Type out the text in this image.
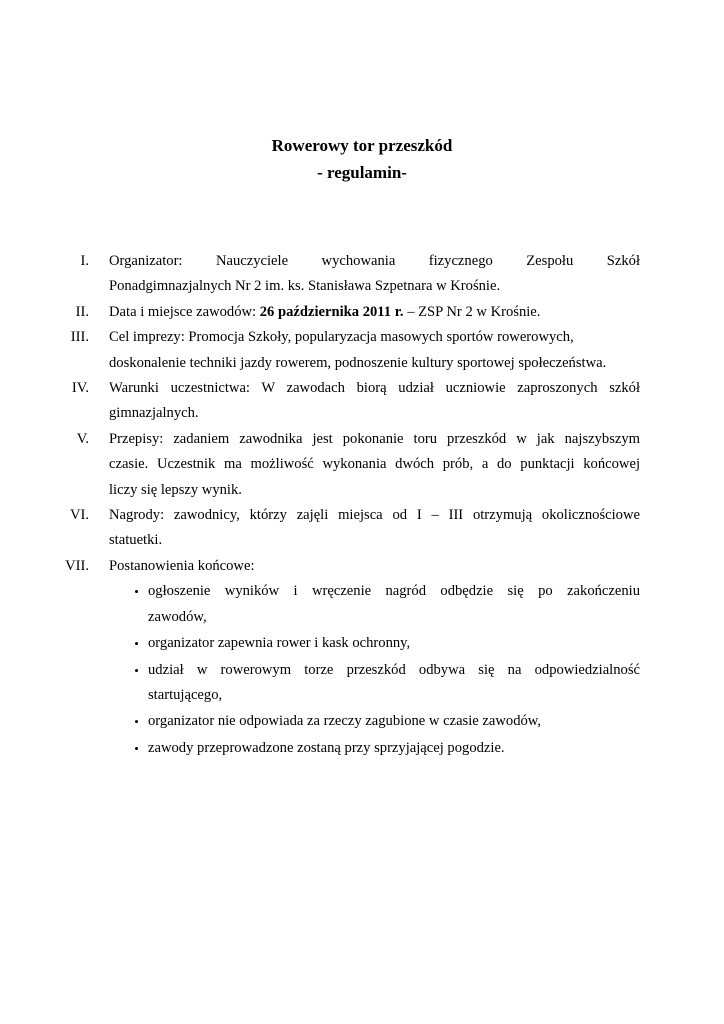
Rowerowy tor przeszkód
- regulamin-
I.	Organizator: Nauczyciele wychowania fizycznego Zespołu Szkół
Ponadgimnazjalnych Nr 2 im. ks. Stanisława Szpetnara w Krośnie.
II.	Data i miejsce zawodów: 26 października 2011 r. – ZSP Nr 2 w Krośnie.
III.	Cel imprezy: Promocja Szkoły, popularyzacja masowych sportów rowerowych,
doskonalenie techniki jazdy rowerem, podnoszenie kultury sportowej społeczeństwa.
IV.	Warunki uczestnictwa: W zawodach biorą udział uczniowie zaproszonych szkół
gimnazjalnych.
V.	Przepisy: zadaniem zawodnika jest pokonanie toru przeszkód w jak najszybszym
czasie. Uczestnik ma możliwość wykonania dwóch prób, a do punktacji końcowej
liczy się lepszy wynik.
VI.	Nagrody: zawodnicy, którzy zajęli miejsca od I – III otrzymują okolicznościowe
statuetki.
VII.	Postanowienia końcowe:
• ogłoszenie wyników i wręczenie nagród odbędzie się po zakończeniu
zawodów,
• organizator zapewnia rower i kask ochronny,
• udział w rowerowym torze przeszkód odbywa się na odpowiedzialność
startującego,
• organizator nie odpowiada za rzeczy zagubione w czasie zawodów,
• zawody przeprowadzone zostaną przy sprzyjającej pogodzie.
